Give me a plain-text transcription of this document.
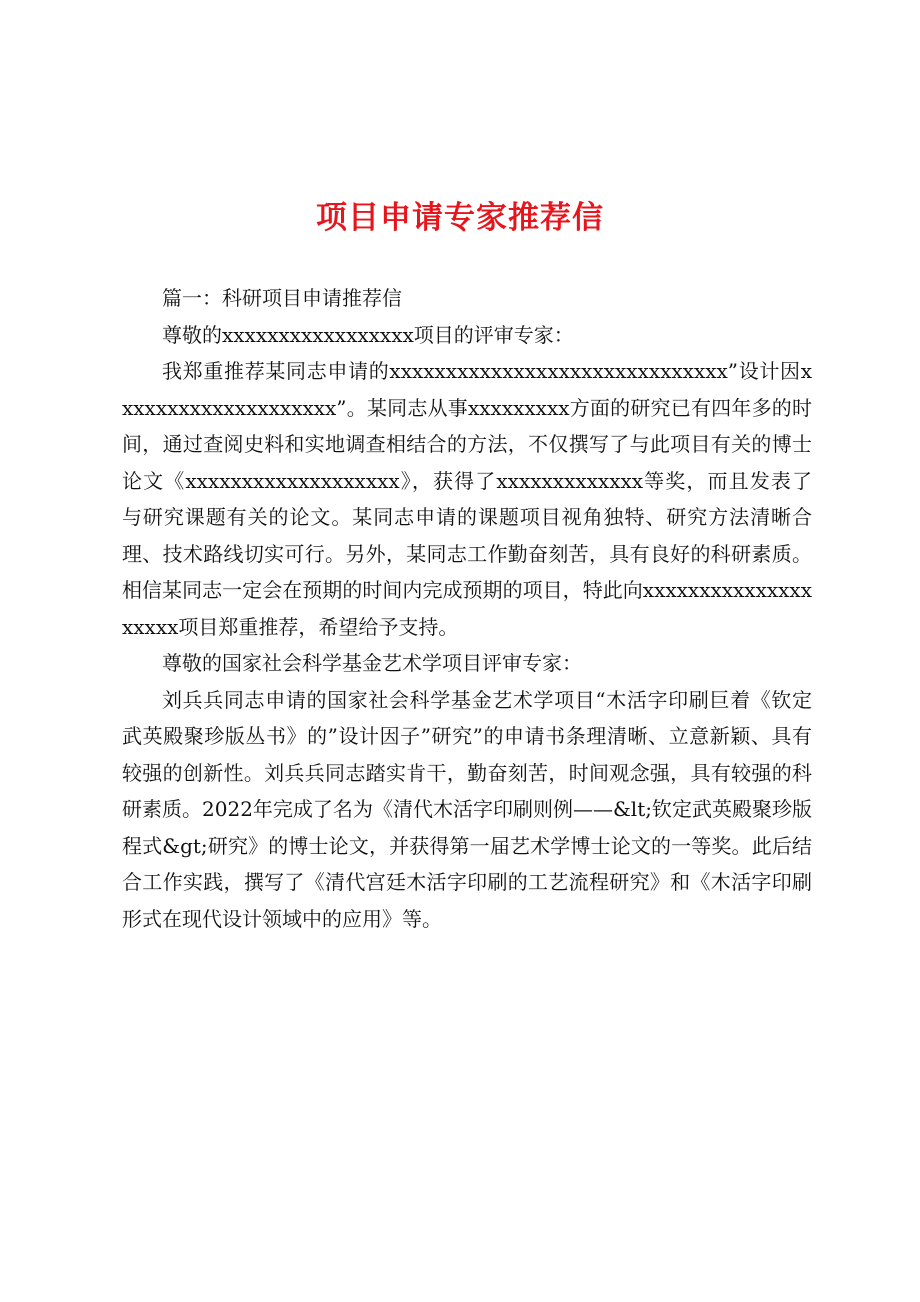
项目申请专家推荐信

篇一：科研项目申请推荐信

尊敬的xxxxxxxxxxxxxxxxx项目的评审专家：

我郑重推荐某同志申请的xxxxxxxxxxxxxxxxxxxxxxxxxxxxxx”设计因xxxxxxxxxxxxxxxxxxxx”。某同志从事xxxxxxxxx方面的研究已有四年多的时间，通过查阅史料和实地调查相结合的方法，不仅撰写了与此项目有关的博士论文《xxxxxxxxxxxxxxxxxxx》，获得了xxxxxxxxxxxxx等奖，而且发表了与研究课题有关的论文。某同志申请的课题项目视角独特、研究方法清晰合理、技术路线切实可行。另外，某同志工作勤奋刻苦，具有良好的科研素质。相信某同志一定会在预期的时间内完成预期的项目，特此向xxxxxxxxxxxxxxxxxxxx项目郑重推荐，希望给予支持。

尊敬的国家社会科学基金艺术学项目评审专家：

刘兵兵同志申请的国家社会科学基金艺术学项目“木活字印刷巨着《钦定武英殿聚珍版丛书》的”设计因子”研究”的申请书条理清晰、立意新颖、具有较强的创新性。刘兵兵同志踏实肯干，勤奋刻苦，时间观念强，具有较强的科研素质。2022年完成了名为《清代木活字印刷则例——&lt;钦定武英殿聚珍版程式&gt;研究》的博士论文，并获得第一届艺术学博士论文的一等奖。此后结合工作实践，撰写了《清代宫廷木活字印刷的工艺流程研究》和《木活字印刷形式在现代设计领域中的应用》等。
